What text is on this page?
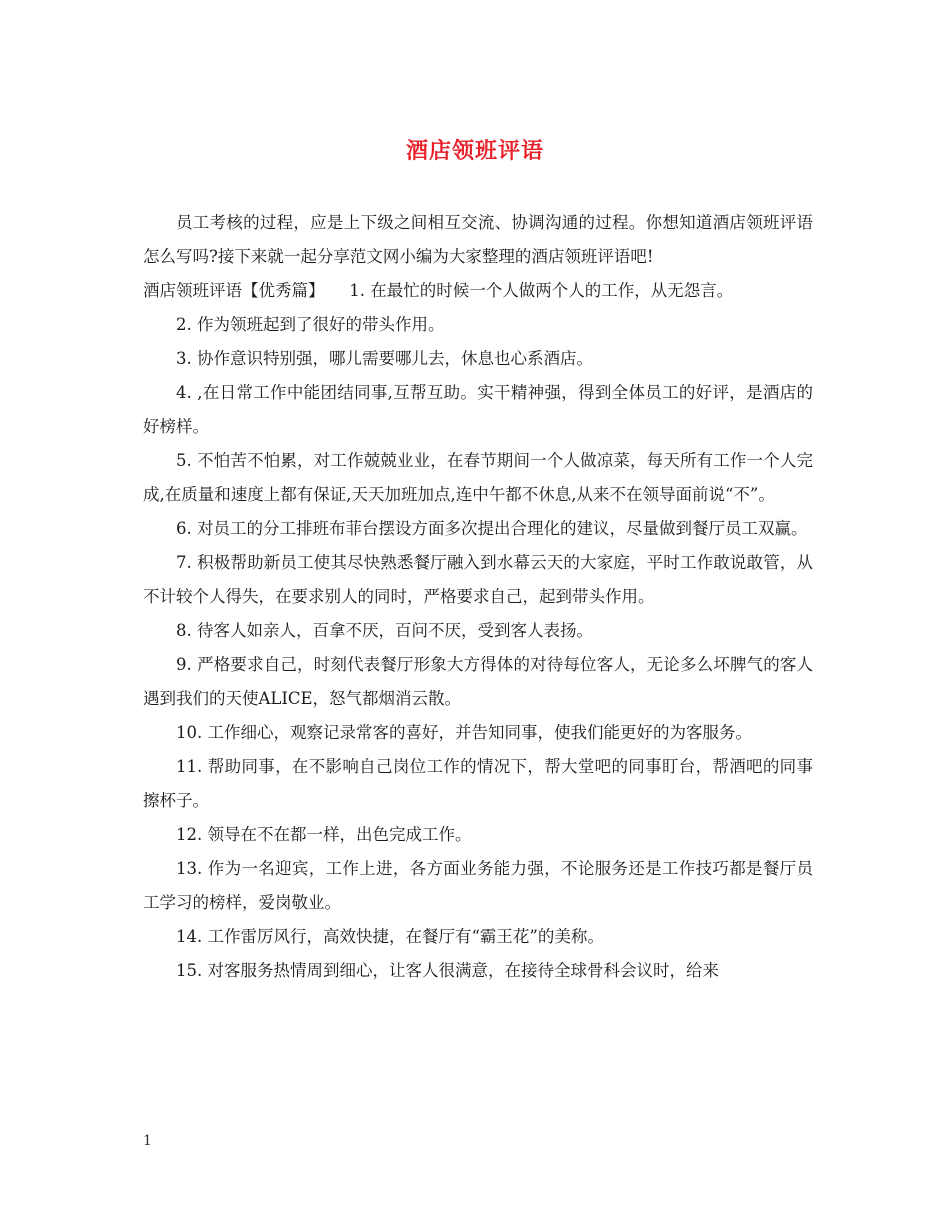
酒店领班评语

员工考核的过程，应是上下级之间相互交流、协调沟通的过程。你想知道酒店领班评语怎么写吗?接下来就一起分享范文网小编为大家整理的酒店领班评语吧!

酒店领班评语【优秀篇】　　1. 在最忙的时候一个人做两个人的工作，从无怨言。

2. 作为领班起到了很好的带头作用。

3. 协作意识特别强，哪儿需要哪儿去，休息也心系酒店。

4. ,在日常工作中能团结同事,互帮互助。实干精神强，得到全体员工的好评，是酒店的好榜样。

5. 不怕苦不怕累，对工作兢兢业业，在春节期间一个人做凉菜，每天所有工作一个人完成,在质量和速度上都有保证,天天加班加点,连中午都不休息,从来不在领导面前说“不”。

6. 对员工的分工排班布菲台摆设方面多次提出合理化的建议，尽量做到餐厅员工双赢。

7. 积极帮助新员工使其尽快熟悉餐厅融入到水幕云天的大家庭，平时工作敢说敢管，从不计较个人得失，在要求别人的同时，严格要求自己，起到带头作用。

8. 待客人如亲人，百拿不厌，百问不厌，受到客人表扬。

9. 严格要求自己，时刻代表餐厅形象大方得体的对待每位客人，无论多么坏脾气的客人遇到我们的天使ALICE，怒气都烟消云散。

10. 工作细心，观察记录常客的喜好，并告知同事，使我们能更好的为客服务。

11. 帮助同事，在不影响自己岗位工作的情况下，帮大堂吧的同事盯台，帮酒吧的同事擦杯子。

12. 领导在不在都一样，出色完成工作。

13. 作为一名迎宾，工作上进，各方面业务能力强，不论服务还是工作技巧都是餐厅员工学习的榜样，爱岗敬业。

14. 工作雷厉风行，高效快捷，在餐厅有“霸王花”的美称。

15. 对客服务热情周到细心，让客人很满意，在接待全球骨科会议时，给来

1
